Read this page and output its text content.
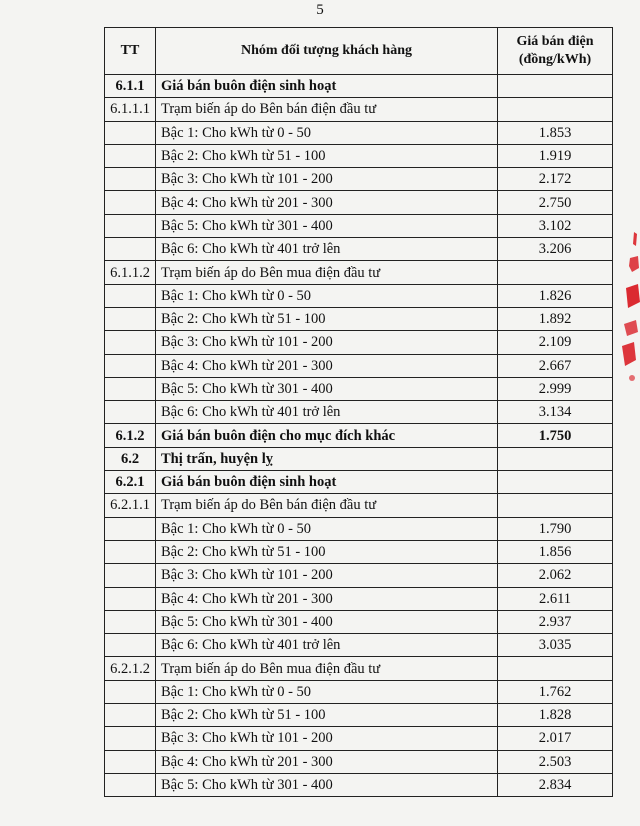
5
TT	Nhóm đối tượng khách hàng	Giá bán điện
(đồng/kWh)
6.1.1	Giá bán buôn điện sinh hoạt	
6.1.1.1	Trạm biến áp do Bên bán điện đầu tư	
	Bậc 1: Cho kWh từ 0 - 50	1.853
	Bậc 2: Cho kWh từ 51 - 100	1.919
	Bậc 3: Cho kWh từ 101 - 200	2.172
	Bậc 4: Cho kWh từ 201 - 300	2.750
	Bậc 5: Cho kWh từ 301 - 400	3.102
	Bậc 6: Cho kWh từ 401 trở lên	3.206
6.1.1.2	Trạm biến áp do Bên mua điện đầu tư	
	Bậc 1: Cho kWh từ 0 - 50	1.826
	Bậc 2: Cho kWh từ 51 - 100	1.892
	Bậc 3: Cho kWh từ 101 - 200	2.109
	Bậc 4: Cho kWh từ 201 - 300	2.667
	Bậc 5: Cho kWh từ 301 - 400	2.999
	Bậc 6: Cho kWh từ 401 trở lên	3.134
6.1.2	Giá bán buôn điện cho mục đích khác	1.750
6.2	Thị trấn, huyện lỵ	
6.2.1	Giá bán buôn điện sinh hoạt	
6.2.1.1	Trạm biến áp do Bên bán điện đầu tư	
	Bậc 1: Cho kWh từ 0 - 50	1.790
	Bậc 2: Cho kWh từ 51 - 100	1.856
	Bậc 3: Cho kWh từ 101 - 200	2.062
	Bậc 4: Cho kWh từ 201 - 300	2.611
	Bậc 5: Cho kWh từ 301 - 400	2.937
	Bậc 6: Cho kWh từ 401 trở lên	3.035
6.2.1.2	Trạm biến áp do Bên mua điện đầu tư	
	Bậc 1: Cho kWh từ 0 - 50	1.762
	Bậc 2: Cho kWh từ 51 - 100	1.828
	Bậc 3: Cho kWh từ 101 - 200	2.017
	Bậc 4: Cho kWh từ 201 - 300	2.503
	Bậc 5: Cho kWh từ 301 - 400	2.834
